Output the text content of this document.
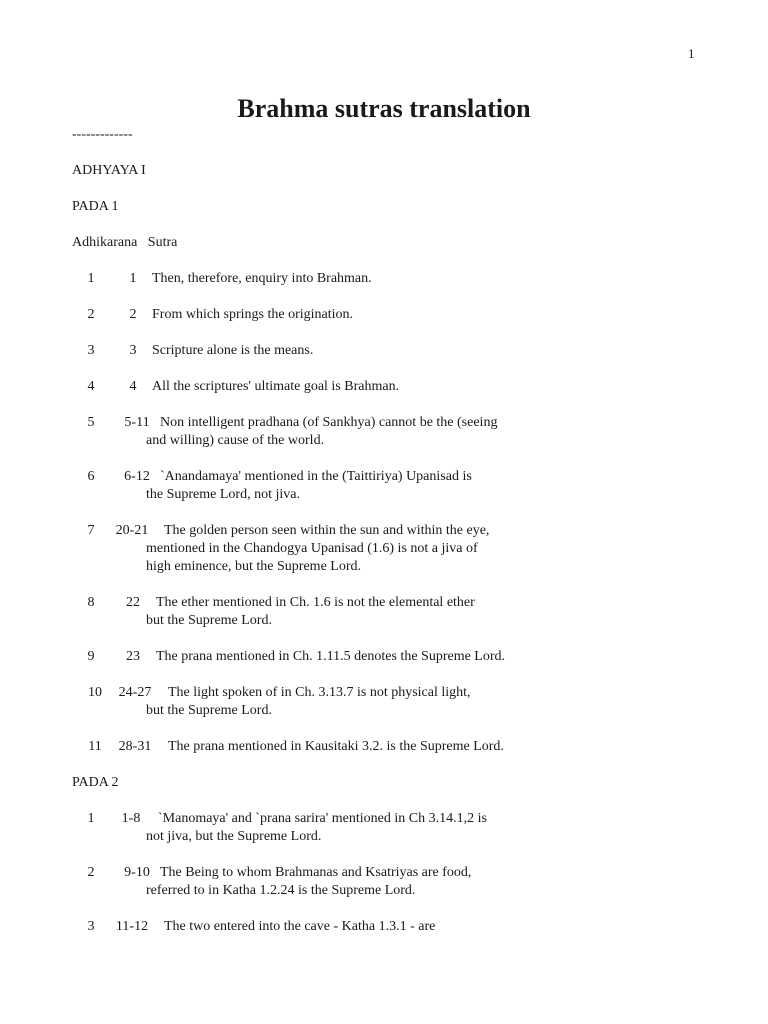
1
Brahma sutras translation
-------------
ADHYAYA I
PADA 1
Adhikarana   Sutra
1	1	Then, therefore, enquiry into Brahman.
2	2	From which springs the origination.
3	3	Scripture alone is the means.
4	4	All the scriptures' ultimate goal is Brahman.
5	5-11 Non intelligent pradhana (of Sankhya) cannot be the (seeing
and willing) cause of the world.
6	6-12 `Anandamaya' mentioned in the (Taittiriya) Upanisad is
the Supreme Lord, not jiva.
7	20-21	The golden person seen within the sun and within the eye,
mentioned in the Chandogya Upanisad (1.6) is not a jiva of
high eminence, but the Supreme Lord.
8	22	The ether mentioned in Ch. 1.6 is not the elemental ether
but the Supreme Lord.
9	23	The prana mentioned in Ch. 1.11.5 denotes the Supreme Lord.
10	24-27	The light spoken of in Ch. 3.13.7 is not physical light,
but the Supreme Lord.
11	28-31	The prana mentioned in Kausitaki 3.2. is the Supreme Lord.
PADA 2
1	1-8	`Manomaya' and `prana sarira' mentioned in Ch 3.14.1,2 is
not jiva, but the Supreme Lord.
2	9-10 The Being to whom Brahmanas and Ksatriyas are food,
referred to in Katha 1.2.24 is the Supreme Lord.
3	11-12	The two entered into the cave - Katha 1.3.1 - are
